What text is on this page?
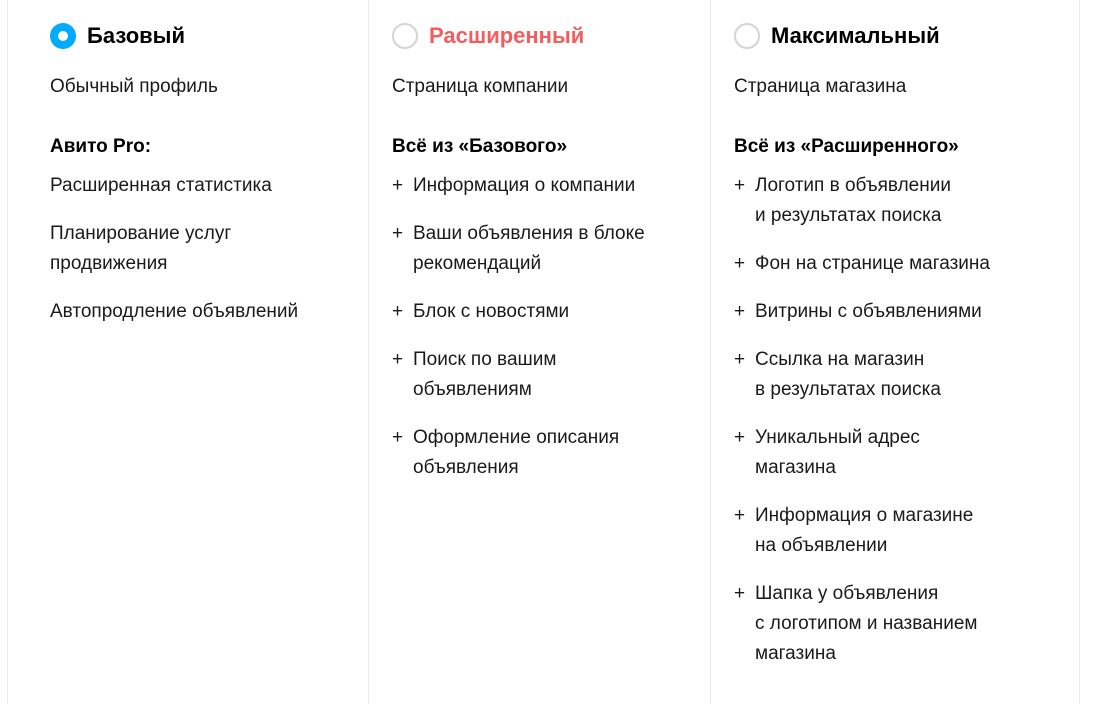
Базовый
Обычный профиль
Авито Pro:
Расширенная статистика
Планирование услуг
продвижения
Автопродление объявлений
Расширенный
Страница компании
Всё из «Базового»
+ Информация о компании
+ Ваши объявления в блоке
рекомендаций
+ Блок с новостями
+ Поиск по вашим
объявлениям
+ Оформление описания
объявления
Максимальный
Страница магазина
Всё из «Расширенного»
+ Логотип в объявлении
и результатах поиска
+ Фон на странице магазина
+ Витрины с объявлениями
+ Ссылка на магазин
в результатах поиска
+ Уникальный адрес
магазина
+ Информация о магазине
на объявлении
+ Шапка у объявления
с логотипом и названием
магазина
